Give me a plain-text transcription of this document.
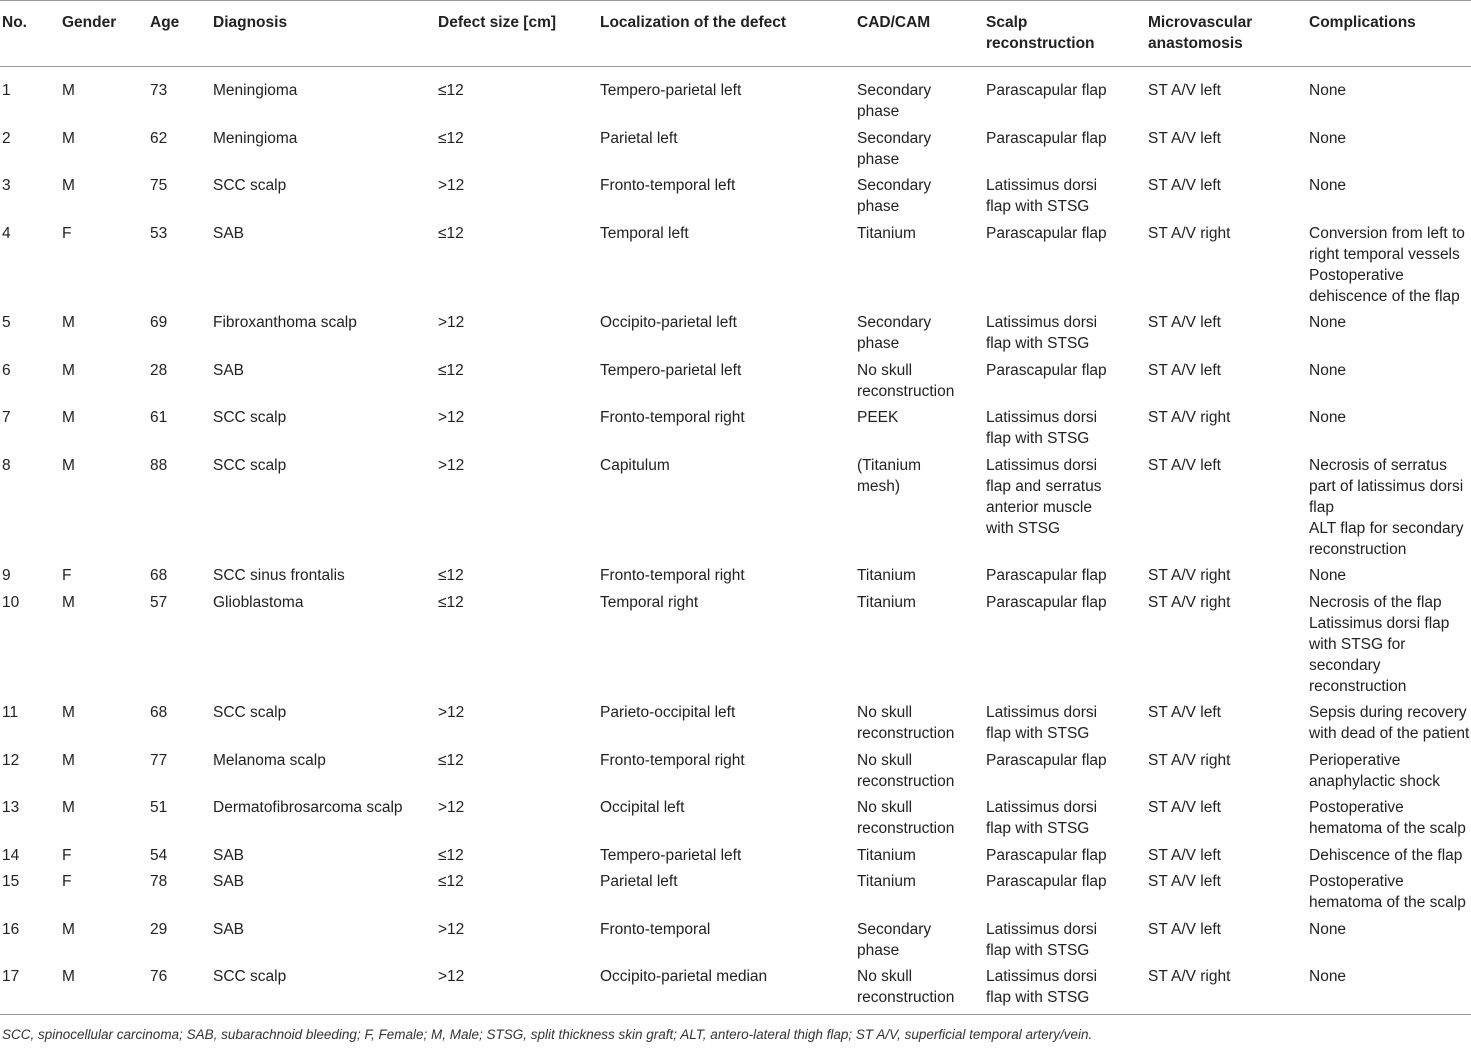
No.	Gender	Age	Diagnosis	Defect size [cm]	Localization of the defect	CAD/CAM	Scalp
reconstruction	Microvascular
anastomosis	Complications

1	M	73	Meningioma	≤12	Tempero-parietal left	Secondary
phase	Parascapular flap	ST A/V left	None

2	M	62	Meningioma	≤12	Parietal left	Secondary
phase	Parascapular flap	ST A/V left	None

3	M	75	SCC scalp	>12	Fronto-temporal left	Secondary
phase	Latissimus dorsi
flap with STSG	ST A/V left	None

4	F	53	SAB	≤12	Temporal left	Titanium	Parascapular flap	ST A/V right	Conversion from left to
right temporal vessels
Postoperative
dehiscence of the flap

5	M	69	Fibroxanthoma scalp	>12	Occipito-parietal left	Secondary
phase	Latissimus dorsi
flap with STSG	ST A/V left	None

6	M	28	SAB	≤12	Tempero-parietal left	No skull
reconstruction	Parascapular flap	ST A/V left	None

7	M	61	SCC scalp	>12	Fronto-temporal right	PEEK	Latissimus dorsi
flap with STSG	ST A/V right	None

8	M	88	SCC scalp	>12	Capitulum	(Titanium
mesh)	Latissimus dorsi
flap and serratus
anterior muscle
with STSG	ST A/V left	Necrosis of serratus
part of latissimus dorsi
flap
ALT flap for secondary
reconstruction

9	F	68	SCC sinus frontalis	≤12	Fronto-temporal right	Titanium	Parascapular flap	ST A/V right	None

10	M	57	Glioblastoma	≤12	Temporal right	Titanium	Parascapular flap	ST A/V right	Necrosis of the flap
Latissimus dorsi flap
with STSG for
secondary
reconstruction

11	M	68	SCC scalp	>12	Parieto-occipital left	No skull
reconstruction	Latissimus dorsi
flap with STSG	ST A/V left	Sepsis during recovery
with dead of the patient

12	M	77	Melanoma scalp	≤12	Fronto-temporal right	No skull
reconstruction	Parascapular flap	ST A/V right	Perioperative
anaphylactic shock

13	M	51	Dermatofibrosarcoma scalp	>12	Occipital left	No skull
reconstruction	Latissimus dorsi
flap with STSG	ST A/V left	Postoperative
hematoma of the scalp

14	F	54	SAB	≤12	Tempero-parietal left	Titanium	Parascapular flap	ST A/V left	Dehiscence of the flap

15	F	78	SAB	≤12	Parietal left	Titanium	Parascapular flap	ST A/V left	Postoperative
hematoma of the scalp

16	M	29	SAB	>12	Fronto-temporal	Secondary
phase	Latissimus dorsi
flap with STSG	ST A/V left	None

17	M	76	SCC scalp	>12	Occipito-parietal median	No skull
reconstruction	Latissimus dorsi
flap with STSG	ST A/V right	None
SCC, spinocellular carcinoma; SAB, subarachnoid bleeding; F, Female; M, Male; STSG, split thickness skin graft; ALT, antero-lateral thigh flap; ST A/V, superficial temporal artery/vein.
